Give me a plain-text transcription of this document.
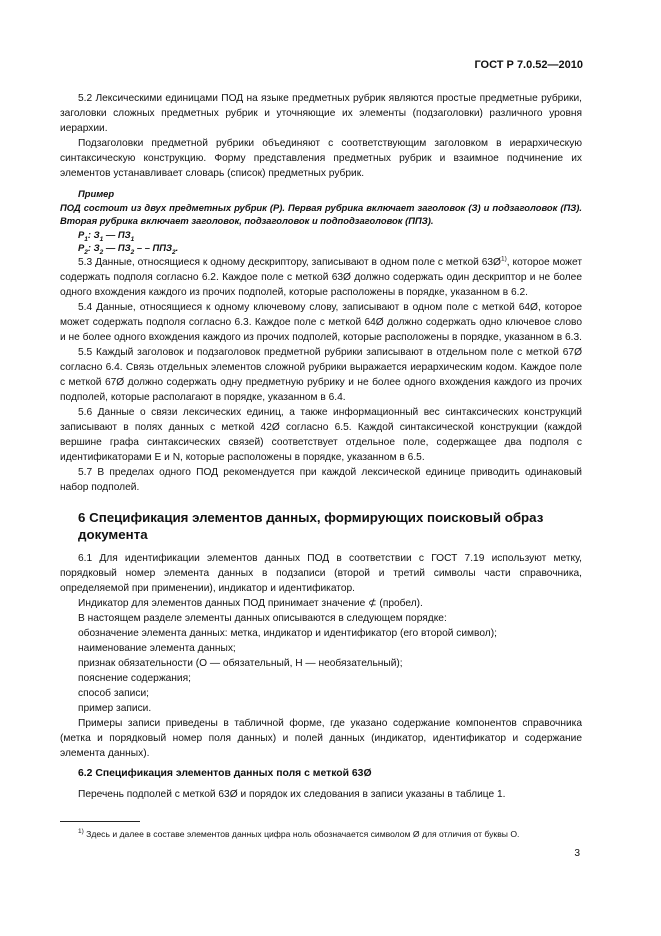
ГОСТ Р 7.0.52—2010

5.2 Лексическими единицами ПОД на языке предметных рубрик являются простые предметные рубрики, заголовки сложных предметных рубрик и уточняющие их элементы (подзаголовки) различного уровня иерархии.

Подзаголовки предметной рубрики объединяют с соответствующим заголовком в иерархическую синтаксическую конструкцию. Форму представления предметных рубрик и взаимное подчинение их элементов устанавливает словарь (список) предметных рубрик.

Пример
ПОД состоит из двух предметных рубрик (Р). Первая рубрика включает заголовок (З) и подзаголовок (ПЗ). Вторая рубрика включает заголовок, подзаголовок и подподзаголовок (ППЗ).
$Р_1$: $З_1$ — $ПЗ_1$
$Р_2$: $З_2$ — $ПЗ_2$ – – $ППЗ_2$.

5.3 Данные, относящиеся к одному дескриптору, записывают в одном поле с меткой $63Ø^{1)}$, которое может содержать подполя согласно 6.2. Каждое поле с меткой 63Ø должно содержать один дескриптор и не более одного вхождения каждого из прочих подполей, которые расположены в порядке, указанном в 6.2.

5.4 Данные, относящиеся к одному ключевому слову, записывают в одном поле с меткой 64Ø, которое может содержать подполя согласно 6.3. Каждое поле с меткой 64Ø должно содержать одно ключевое слово и не более одного вхождения каждого из прочих подполей, которые расположены в порядке, указанном в 6.3.

5.5 Каждый заголовок и подзаголовок предметной рубрики записывают в отдельном поле с меткой 67Ø согласно 6.4. Связь отдельных элементов сложной рубрики выражается иерархическим кодом. Каждое поле с меткой 67Ø должно содержать одну предметную рубрику и не более одного вхождения каждого из прочих подполей, которые располагают в порядке, указанном в 6.4.

5.6 Данные о связи лексических единиц, а также информационный вес синтаксических конструкций записывают в полях данных с меткой 42Ø согласно 6.5. Каждой синтаксической конструкции (каждой вершине графа синтаксических связей) соответствует отдельное поле, содержащее два подполя с идентификаторами E и N, которые расположены в порядке, указанном в 6.5.

5.7 В пределах одного ПОД рекомендуется при каждой лексической единице приводить одинаковый набор подполей.

6 Спецификация элементов данных, формирующих поисковый образ документа

6.1 Для идентификации элементов данных ПОД в соответствии с ГОСТ 7.19 используют метку, порядковый номер элемента данных в подзаписи (второй и третий символы части справочника, определяемой при применении), индикатор и идентификатор.

Индикатор для элементов данных ПОД принимает значение ⊄ (пробел).

В настоящем разделе элементы данных описываются в следующем порядке:

обозначение элемента данных: метка, индикатор и идентификатор (его второй символ);

наименование элемента данных;

признак обязательности (О — обязательный, Н — необязательный);

пояснение содержания;

способ записи;

пример записи.

Примеры записи приведены в табличной форме, где указано содержание компонентов справочника (метка и порядковый номер поля данных) и полей данных (индикатор, идентификатор и содержание элемента данных).

6.2 Спецификация элементов данных поля с меткой 63Ø

Перечень подполей с меткой 63Ø и порядок их следования в записи указаны в таблице 1.

$^{1)}$ Здесь и далее в составе элементов данных цифра ноль обозначается символом Ø для отличия от буквы О.
3
